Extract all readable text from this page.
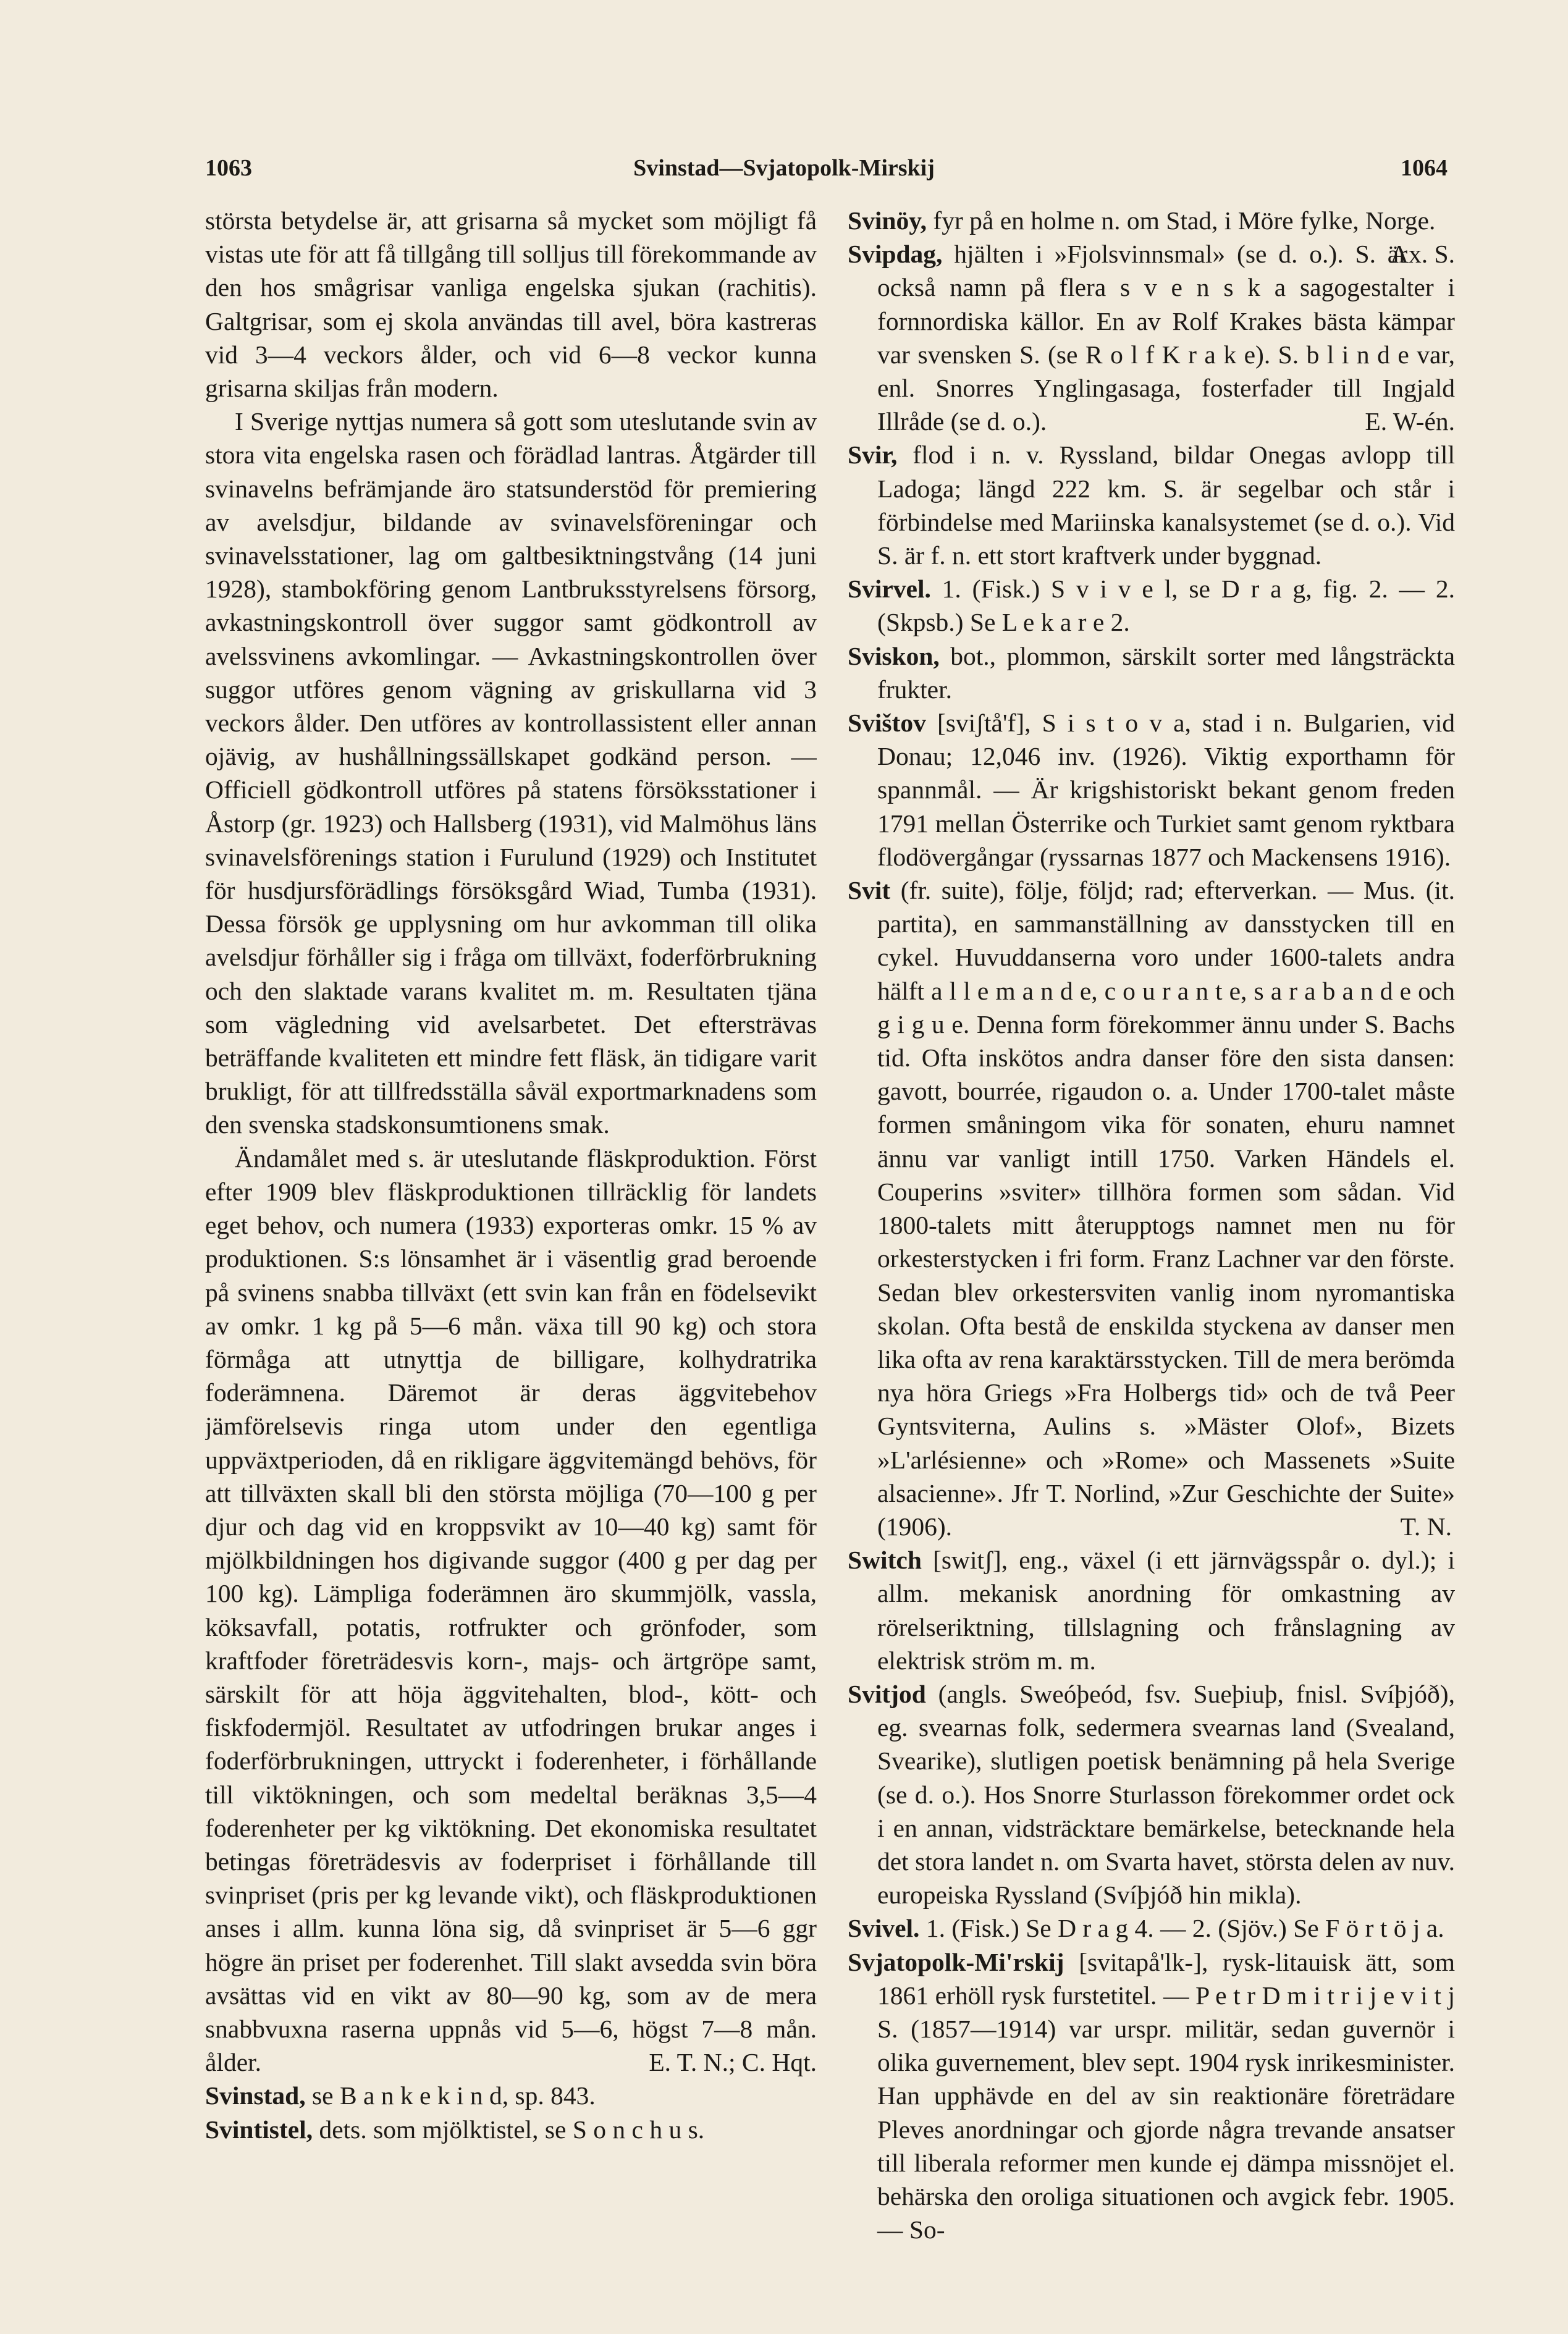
1063	Svinstad—Svjatopolk-Mirskij	1064

största betydelse är, att grisarna så mycket som möjligt få vistas ute för att få tillgång till solljus till förekommande av den hos smågrisar vanliga engelska sjukan (rachitis). Galtgrisar, som ej skola användas till avel, böra kastreras vid 3—4 veckors ålder, och vid 6—8 veckor kunna grisarna skiljas från modern.

I Sverige nyttjas numera så gott som uteslutande svin av stora vita engelska rasen och förädlad lantras. Åtgärder till svinavelns befrämjande äro statsunderstöd för premiering av avelsdjur, bildande av svinavelsföreningar och svinavelsstationer, lag om galtbesiktningstvång (14 juni 1928), stambokföring genom Lantbruksstyrelsens försorg, avkastningskontroll över suggor samt gödkontroll av avelssvinens avkomlingar. — Avkastningskontrollen över suggor utföres genom vägning av griskullarna vid 3 veckors ålder. Den utföres av kontrollassistent eller annan ojävig, av hushållningssällskapet godkänd person. — Officiell gödkontroll utföres på statens försöksstationer i Åstorp (gr. 1923) och Hallsberg (1931), vid Malmöhus läns svinavelsförenings station i Furulund (1929) och Institutet för husdjursförädlings försöksgård Wiad, Tumba (1931). Dessa försök ge upplysning om hur avkomman till olika avelsdjur förhåller sig i fråga om tillväxt, foderförbrukning och den slaktade varans kvalitet m. m. Resultaten tjäna som vägledning vid avelsarbetet. Det eftersträvas beträffande kvaliteten ett mindre fett fläsk, än tidigare varit brukligt, för att tillfredsställa såväl exportmarknadens som den svenska stadskonsumtionens smak.

Ändamålet med s. är uteslutande fläskproduktion. Först efter 1909 blev fläskproduktionen tillräcklig för landets eget behov, och numera (1933) exporteras omkr. 15 % av produktionen. S:s lönsamhet är i väsentlig grad beroende på svinens snabba tillväxt (ett svin kan från en födelsevikt av omkr. 1 kg på 5—6 mån. växa till 90 kg) och stora förmåga att utnyttja de billigare, kolhydratrika foderämnena. Däremot är deras äggvitebehov jämförelsevis ringa utom under den egentliga uppväxtperioden, då en rikligare äggvitemängd behövs, för att tillväxten skall bli den största möjliga (70—100 g per djur och dag vid en kroppsvikt av 10—40 kg) samt för mjölkbildningen hos digivande suggor (400 g per dag per 100 kg). Lämpliga foderämnen äro skummjölk, vassla, köksavfall, potatis, rotfrukter och grönfoder, som kraftfoder företrädesvis korn-, majs- och ärtgröpe samt, särskilt för att höja äggvitehalten, blod-, kött- och fiskfodermjöl. Resultatet av utfodringen brukar anges i foderförbrukningen, uttryckt i foderenheter, i förhållande till viktökningen, och som medeltal beräknas 3,5—4 foderenheter per kg viktökning. Det ekonomiska resultatet betingas företrädesvis av foderpriset i förhållande till svinpriset (pris per kg levande vikt), och fläskproduktionen anses i allm. kunna löna sig, då svinpriset är 5—6 ggr högre än priset per foderenhet. Till slakt avsedda svin böra avsättas vid en vikt av 80—90 kg, som av de mera snabbvuxna raserna uppnås vid 5—6, högst 7—8 mån. ålder.	E. T. N.; C. Hqt.

Svinstad, se B a n k e k i n d, sp. 843.

Svintistel, dets. som mjölktistel, se S o n c h u s.

Svinöy, fyr på en holme n. om Stad, i Möre fylke, Norge.
Ax. S.

Svipdag, hjälten i »Fjolsvinnsmal» (se d. o.). S. är också namn på flera s v e n s k a sagogestalter i fornnordiska källor. En av Rolf Krakes bästa kämpar var svensken S. (se R o l f K r a k e). S. b l i n d e var, enl. Snorres Ynglingasaga, fosterfader till Ingjald Illråde (se d. o.).	E. W-én.

Svir, flod i n. v. Ryssland, bildar Onegas avlopp till Ladoga; längd 222 km. S. är segelbar och står i förbindelse med Mariinska kanalsystemet (se d. o.). Vid S. är f. n. ett stort kraftverk under byggnad.

Svirvel. 1. (Fisk.) S v i v e l, se D r a g, fig. 2. — 2. (Skpsb.) Se L e k a r e 2.

Sviskon, bot., plommon, särskilt sorter med långsträckta frukter.

Svištov [sviʃtå'f], S i s t o v a, stad i n. Bulgarien, vid Donau; 12,046 inv. (1926). Viktig exporthamn för spannmål. — Är krigshistoriskt bekant genom freden 1791 mellan Österrike och Turkiet samt genom ryktbara flodövergångar (ryssarnas 1877 och Mackensens 1916).

Svit (fr. suite), följe, följd; rad; efterverkan. — Mus. (it. partita), en sammanställning av dansstycken till en cykel. Huvuddanserna voro under 1600-talets andra hälft a l l e m a n d e, c o u r a n t e, s a r a b a n d e och g i g u e. Denna form förekommer ännu under S. Bachs tid. Ofta inskötos andra danser före den sista dansen: gavott, bourrée, rigaudon o. a. Under 1700-talet måste formen småningom vika för sonaten, ehuru namnet ännu var vanligt intill 1750. Varken Händels el. Couperins »sviter» tillhöra formen som sådan. Vid 1800-talets mitt återupptogs namnet men nu för orkesterstycken i fri form. Franz Lachner var den förste. Sedan blev orkestersviten vanlig inom nyromantiska skolan. Ofta bestå de enskilda styckena av danser men lika ofta av rena karaktärsstycken. Till de mera berömda nya höra Griegs »Fra Holbergs tid» och de två Peer Gyntsviterna, Aulins s. »Mäster Olof», Bizets »L'arlésienne» och »Rome» och Massenets »Suite alsacienne». Jfr T. Norlind, »Zur Geschichte der Suite» (1906).	T. N.

Switch [switʃ], eng., växel (i ett järnvägsspår o. dyl.); i allm. mekanisk anordning för omkastning av rörelseriktning, tillslagning och frånslagning av elektrisk ström m. m.

Svitjod (angls. Sweóþeód, fsv. Sueþiuþ, fnisl. Svíþjóð), eg. svearnas folk, sedermera svearnas land (Svealand, Svearike), slutligen poetisk benämning på hela Sverige (se d. o.). Hos Snorre Sturlasson förekommer ordet ock i en annan, vidsträcktare bemärkelse, betecknande hela det stora landet n. om Svarta havet, största delen av nuv. europeiska Ryssland (Svíþjóð hin mikla).

Svivel. 1. (Fisk.) Se D r a g 4. — 2. (Sjöv.) Se F ö r t ö j a.

Svjatopolk-Mi'rskij [svitapå'lk-], rysk-litauisk ätt, som 1861 erhöll rysk furstetitel. — P e t r D m i t r i j e v i t j S. (1857—1914) var urspr. militär, sedan guvernör i olika guvernement, blev sept. 1904 rysk inrikesminister. Han upphävde en del av sin reaktionäre företrädare Pleves anordningar och gjorde några trevande ansatser till liberala reformer men kunde ej dämpa missnöjet el. behärska den oroliga situationen och avgick febr. 1905. — So-
